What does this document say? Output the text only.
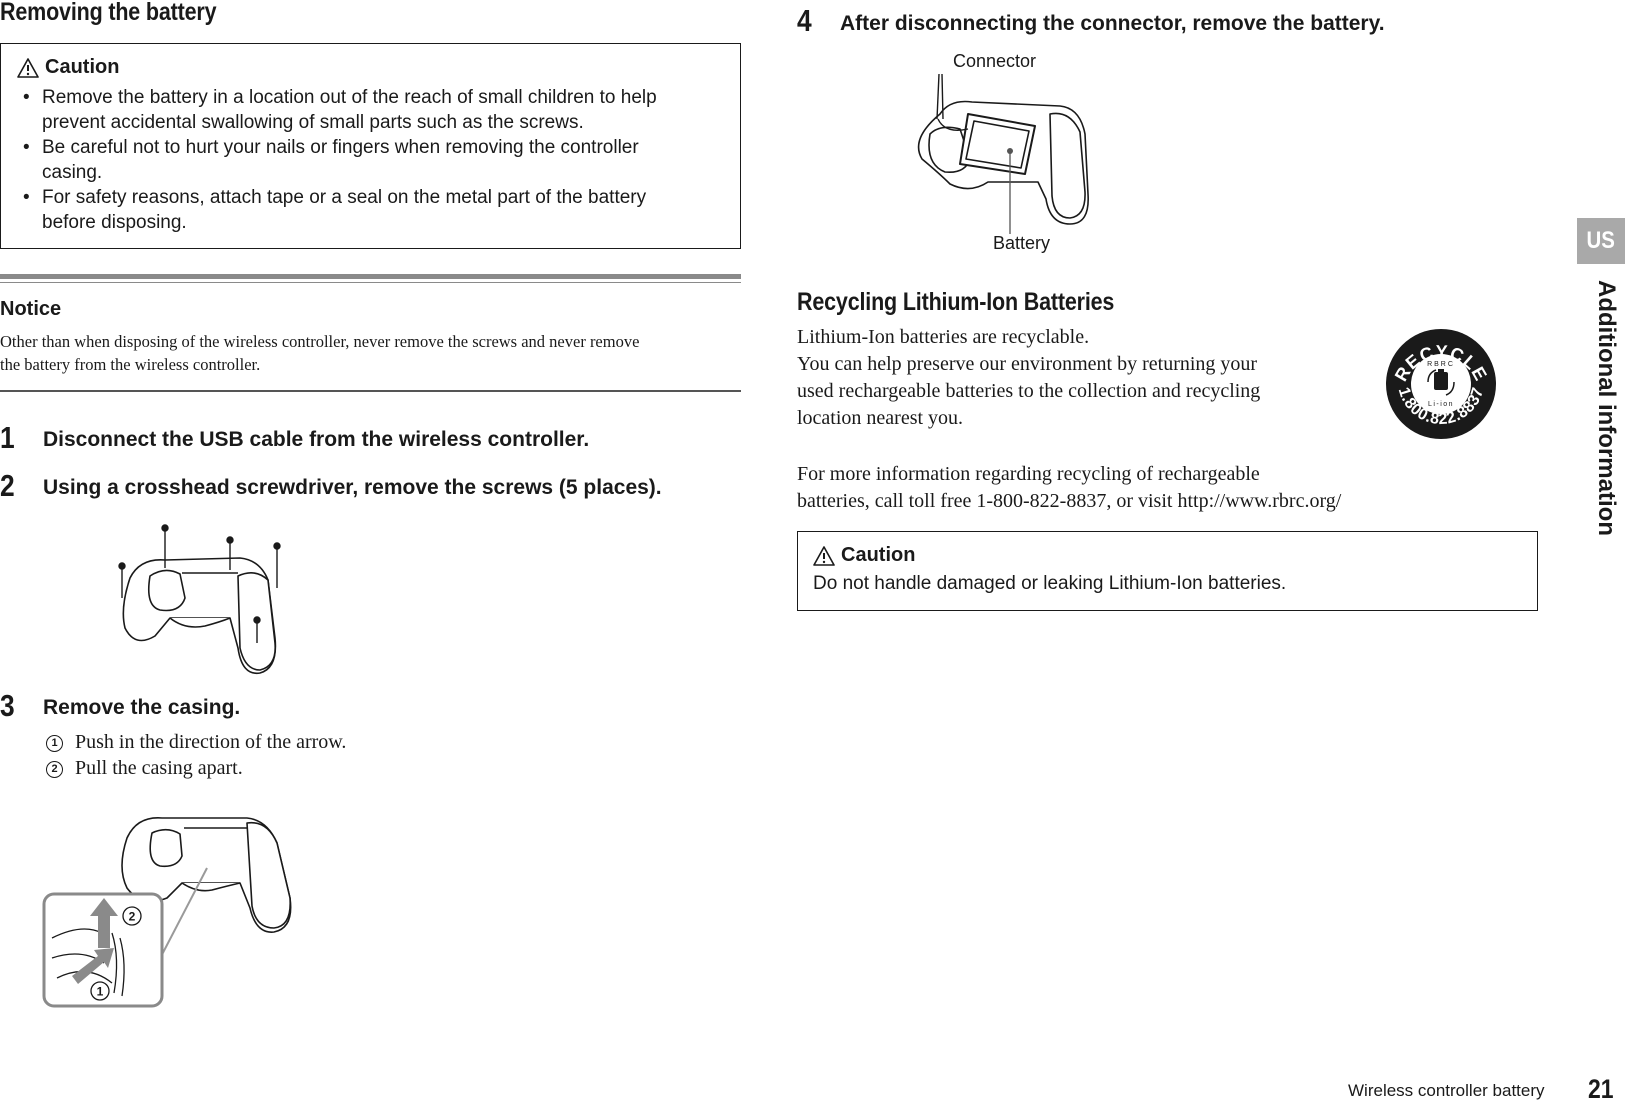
Removing the battery
Caution
• Remove the battery in a location out of the reach of small children to help
prevent accidental swallowing of small parts such as the screws.
• Be careful not to hurt your nails or fingers when removing the controller
casing.
• For safety reasons, attach tape or a seal on the metal part of the battery
before disposing.
Notice
Other than when disposing of the wireless controller, never remove the screws and never remove
the battery from the wireless controller.
1 Disconnect the USB cable from the wireless controller.
2 Using a crosshead screwdriver, remove the screws (5 places).
3 Remove the casing.
1 Push in the direction of the arrow.
2 Pull the casing apart.
2
1
4 After disconnecting the connector, remove the battery.
Connector
Battery
Recycling Lithium-Ion Batteries
Lithium-Ion batteries are recyclable.
You can help preserve our environment by returning your
used rechargeable batteries to the collection and recycling
location nearest you.
For more information regarding recycling of rechargeable
batteries, call toll free 1-800-822-8837, or visit http://www.rbrc.org/
RECYCLE
1.800.822.8837
RBRC
Li-ion
Caution
Do not handle damaged or leaking Lithium-Ion batteries.
US
Additional information
Wireless controller battery 21
